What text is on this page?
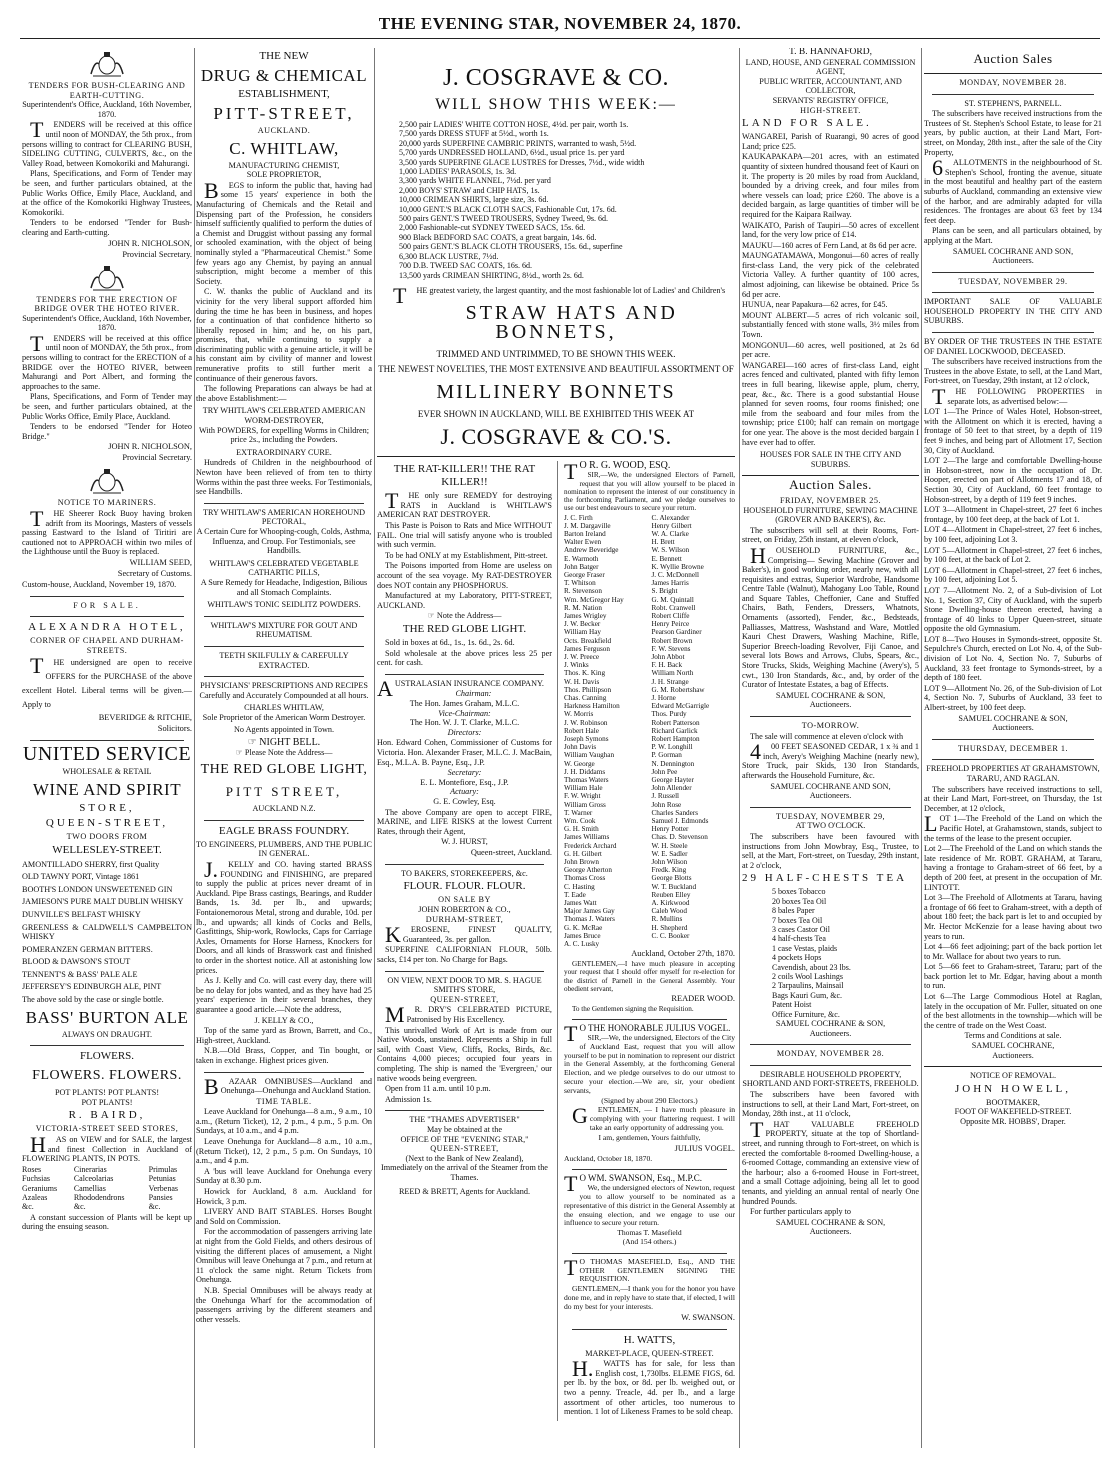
THE EVENING STAR, NOVEMBER 24, 1870.
TENDERS FOR BUSH-CLEARING AND EARTH-CUTTING.
Superintendent's Office, Auckland, 16th November, 1870.

TENDERS will be received at this office until noon of MONDAY, the 5th prox., from persons willing to contract for CLEARING BUSH, SIDELING CUTTING, CULVERTS, &c., on the Valley Road, between Komokoriki and Mahurangi.

Plans, Specifications, and Form of Tender may be seen, and further particulars obtained, at the Public Works Office, Emily Place, Auckland, and at the office of the Komokoriki Highway Trustees, Komokoriki.

Tenders to be endorsed "Tender for Bush-clearing and Earth-cutting.

JOHN R. NICHOLSON,
Provincial Secretary.
TENDERS FOR THE ERECTION OF BRIDGE OVER THE HOTEO RIVER.
Superintendent's Office, Auckland, 16th November, 1870.

TENDERS will be received at this office until noon of MONDAY, the 5th prox., from persons willing to contract for the ERECTION of a BRIDGE over the HOTEO RIVER, between Mahurangi and Port Albert, and forming the approaches to the same.

Plans, Specifications, and Form of Tender may be seen, and further particulars obtained, at the Public Works Office, Emily Place, Auckland.

Tenders to be endorsed "Tender for Hoteo Bridge."

JOHN R. NICHOLSON,
Provincial Secretary.
NOTICE TO MARINERS.

THE Sheerer Rock Buoy having broken adrift from its Moorings, Masters of vessels passing Eastward to the Island of Tiritiri are cautioned not to APPROACH within two miles of the Lighthouse until the Buoy is replaced.

WILLIAM SEED,
Secretary of Customs.

Custom-house, Auckland, November 19, 1870.

FOR SALE.
ALEXANDRA HOTEL,
CORNER OF CHAPEL AND DURHAM-STREETS.

THE undersigned are open to receive OFFERS for the PURCHASE of the above excellent Hotel. Liberal terms will be given.—Apply to

BEVERIDGE & RITCHIE,
Solicitors.
UNITED SERVICE
WHOLESALE & RETAIL
WINE AND SPIRIT
STORE,
QUEEN-STREET,
TWO DOORS FROM
WELLESLEY-STREET.
AMONTILLADO SHERRY, first Quality
OLD TAWNY PORT, Vintage 1861
BOOTH'S LONDON UNSWEETENED GIN
JAMIESON'S PURE MALT DUBLIN WHISKY
DUNVILLE'S BELFAST WHISKY
GREENLESS & CALDWELL'S CAMPBELTON WHISKY
POMERANZEN GERMAN BITTERS.
BLOOD & DAWSON'S STOUT
TENNENT'S & BASS' PALE ALE
JEFFERSEY'S EDINBURGH ALE, PINT
The above sold by the case or single bottle.
BASS' BURTON ALE
ALWAYS ON DRAUGHT.
FLOWERS.
FLOWERS. FLOWERS.
POT PLANTS! POT PLANTS!
POT PLANTS!
R. BAIRD,
VICTORIA-STREET SEED STORES,

HAS on VIEW and for SALE, the largest and finest Collection in Auckland of FLOWERING PLANTS, IN POTS.

Roses	Cinerarias	Primulas
Fuchsias	Calceolarias	Petunias
Geraniums	Camellias	Verbenas
Azaleas	Rhododendrons	Pansies
&c.	&c.	&c.

A constant succession of Plants will be kept up during the ensuing season.

THE NEW
DRUG & CHEMICAL
ESTABLISHMENT,
PITT-STREET,
AUCKLAND.
C. WHITLAW,
MANUFACTURING CHEMIST,
SOLE PROPRIETOR,

BEGS to inform the public that, having had some 15 years' experience in both the Manufacturing of Chemicals and the Retail and Dispensing part of the Profession, he considers himself sufficiently qualified to perform the duties of a Chemist and Druggist without passing any formal or schooled examination, with the object of being nominally styled a "Pharmaceutical Chemist." Some few years ago any Chemist, by paying an annual subscription, might become a member of this Society.

C. W. thanks the public of Auckland and its vicinity for the very liberal support afforded him during the time he has been in business, and hopes for a continuation of that confidence hitherto so liberally reposed in him; and he, on his part, promises, that, while continuing to supply a discriminating public with a genuine article, it will be his constant aim by civility of manner and lowest remunerative profits to still further merit a continuance of their generous favors.

The following Preparations can always be had at the above Establishment:—

TRY WHITLAW'S CELEBRATED AMERICAN WORM-DESTROYER,
With POWDERS, for expelling Worms in Children; price 2s., including the Powders.
EXTRAORDINARY CURE.

Hundreds of Children in the neighbourhood of Newton have been relieved of from ten to thirty Worms within the past three weeks. For Testimonials, see Handbills.

TRY WHITLAW'S AMERICAN HOREHOUND PECTORAL,
A Certain Cure for Whooping-cough, Colds, Asthma, Influenza, and Croup. For Testimonials, see Handbills.
WHITLAW'S CELEBRATED VEGETABLE CATHARTIC PILLS,
A Sure Remedy for Headache, Indigestion, Bilious and all Stomach Complaints.
WHITLAW'S TONIC SEIDLITZ POWDERS.
WHITLAW'S MIXTURE FOR GOUT AND RHEUMATISM.
TEETH SKILFULLY & CAREFULLY EXTRACTED.
PHYSICIANS' PRESCRIPTIONS AND RECIPES
Carefully and Accurately Compounded at all hours.
CHARLES WHITLAW,
Sole Proprietor of the American Worm Destroyer.
No Agents appointed in Town.
☞ NIGHT BELL.
☞ Please Note the Address—
THE RED GLOBE LIGHT,
PITT STREET,
AUCKLAND N.Z.
EAGLE BRASS FOUNDRY.
TO ENGINEERS, PLUMBERS, AND THE PUBLIC IN GENERAL.

J.KELLY and CO. having started BRASS FOUNDING and FINISHING, are prepared to supply the public at prices never dreamt of in Auckland. Pipe Brass castings, Bearings, and Rudder Bands, 1s. 3d. per lb., and upwards; Fontaionemorous Metal, strong and durable, 10d. per lb., and upwards; all kinds of Cocks and Bells, Gasfittings, Ship-work, Rowlocks, Caps for Carriage Axles, Ornaments for Horse Harness, Knockers for Doors, and all kinds of Brasswork cast and finished to order in the shortest notice. All at astonishing low prices.

As J. Kelly and Co. will cast every day, there will be no delay for jobs wanted, and as they have had 25 years' experience in their several branches, they guarantee a good article.—Note the address,

J. KELLY & CO.,

Top of the same yard as Brown, Barrett, and Co., High-street, Auckland.

N.B.—Old Brass, Copper, and Tin bought, or taken in exchange. Highest prices given.

BAZAAR OMNIBUSES—Auckland and Onehunga—Onehunga and Auckland Station.

TIME TABLE.

Leave Auckland for Onehunga—8 a.m., 9 a.m., 10 a.m., (Return Ticket), 12, 2 p.m., 4 p.m., 5 p.m. On Sundays, at 10 a.m., and 4 p.m.

Leave Onehunga for Auckland—8 a.m., 10 a.m., (Return Ticket), 12, 2 p.m., 5 p.m. On Sundays, 10 a.m., and 4 p.m.

A 'bus will leave Auckland for Onehunga every Sunday at 8.30 p.m.

Howick for Auckland, 8 a.m. Auckland for Howick, 3 p.m.

LIVERY AND BAIT STABLES. Horses Bought and Sold on Commission.

For the accommodation of passengers arriving late at night from the Gold Fields, and others desirous of visiting the different places of amusement, a Night Omnibus will leave Onehunga at 7 p.m., and return at 11 o'clock the same night. Return Tickets from Onehunga.

N.B. Special Omnibuses will be always ready at the Onehunga Wharf for the accommodation of passengers arriving by the different steamers and other vessels.

J. COSGRAVE & CO.
WILL SHOW THIS WEEK:—
2,500 pair LADIES' WHITE COTTON HOSE, 4½d. per pair, worth 1s.
7,500 yards DRESS STUFF at 5½d., worth 1s.
20,000 yards SUPERFINE CAMBRIC PRINTS, warranted to wash, 5½d.
5,700 yards UNDRESSED HOLLAND, 6½d., usual price 1s. per yard
3,500 yards SUPERFINE GLACE LUSTRES for Dresses, 7½d., wide width
1,000 LADIES' PARASOLS, 1s. 3d.
3,300 yards WHITE FLANNEL, 7½d. per yard
2,000 BOYS' STRAW and CHIP HATS, 1s.
10,000 CRIMEAN SHIRTS, large size, 3s. 6d.
10,000 GENT.'S BLACK CLOTH SACS, Fashionable Cut, 17s. 6d.
500 pairs GENT.'S TWEED TROUSERS, Sydney Tweed, 9s. 6d.
2,000 Fashionable-cut SYDNEY TWEED SACS, 15s. 6d.
900 Black BEDFORD SAC COATS, a great bargain, 14s. 6d.
500 pairs GENT.'S BLACK CLOTH TROUSERS, 15s. 6d., superfine
6,300 BLACK LUSTRE, 7½d.
700 D.B. TWEED SAC COATS, 16s. 6d.
13,500 yards CRIMEAN SHIRTING, 8½d., worth 2s. 6d.

THE greatest variety, the largest quantity, and the most fashionable lot of Ladies' and Children's

STRAW HATS AND BONNETS,
TRIMMED AND UNTRIMMED, TO BE SHOWN THIS WEEK.
THE NEWEST NOVELTIES, THE MOST EXTENSIVE AND BEAUTIFUL ASSORTMENT OF
MILLINERY BONNETS
EVER SHOWN IN AUCKLAND, WILL BE EXHIBITED THIS WEEK AT
J. COSGRAVE & CO.'S.
THE RAT-KILLER!! THE RAT KILLER!!

THE only sure REMEDY for destroying RATS in Auckland is WHITLAW'S AMERICAN RAT DESTROYER.

This Paste is Poison to Rats and Mice WITHOUT FAIL. One trial will satisfy anyone who is troubled with such vermin.

To be had ONLY at my Establishment, Pitt-street.

The Poisons imported from Home are useless on account of the sea voyage. My RAT-DESTROYER does NOT contain any PHOSPHORUS.

Manufactured at my Laboratory, PITT-STREET, AUCKLAND.

☞ Note the Address—
THE RED GLOBE LIGHT.

Sold in boxes at 6d., 1s., 1s. 6d., 2s. 6d.

Sold wholesale at the above prices less 25 per cent. for cash.

AUSTRALASIAN INSURANCE COMPANY.

Chairman:
The Hon. James Graham, M.L.C.
Vice-Chairman:
The Hon. W. J. T. Clarke, M.L.C.
Directors:

Hon. Edward Cohen, Commissioner of Customs for Victoria. Hon. Alexander Fraser, M.L.C. J. MacBain, Esq., M.L.A. B. Payne, Esq., J.P.

Secretary:
E. L. Montefiore, Esq., J.P.
Actuary:
G. E. Cowley, Esq.

The above Company are open to accept FIRE, MARINE, and LIFE RISKS at the lowest Current Rates, through their Agent,

W. J. HURST,
Queen-street, Auckland.
TO BAKERS, STOREKEEPERS, &c.
FLOUR. FLOUR. FLOUR.
ON SALE BY
JOHN ROBERTON & CO.,
DURHAM-STREET,

KEROSENE, FINEST QUALITY, Guaranteed, 3s. per gallon.

SUPERFINE CALIFORNIAN FLOUR, 50lb. sacks, £14 per ton. No Charge for Bags.

ON VIEW, NEXT DOOR TO MR. S. HAGUE SMITH'S STORE,
QUEEN-STREET,

MR. DRY'S CELEBRATED PICTURE, Patronised by His Excellency.

This unrivalled Work of Art is made from our Native Woods, unstained. Represents a Ship in full sail, with Coast View, Cliffs, Rocks, Birds, &c. Contains 4,000 pieces; occupied four years in completing. The ship is named the 'Evergreen,' our native woods being evergreen.

Open from 11 a.m. until 10 p.m.

Admission 1s.

THE "THAMES ADVERTISER"
May be obtained at the
OFFICE OF THE "EVENING STAR,"
QUEEN-STREET,
(Next to the Bank of New Zealand),
Immediately on the arrival of the Steamer from the Thames.
REED & BRETT, Agents for Auckland.

TO R. G. WOOD, ESQ.

SIR,—We, the undersigned Electors of Parnell, request that you will allow yourself to be placed in nomination to represent the interest of our constituency in the forthcoming Parliament, and we pledge ourselves to use our best endeavours to secure your return.

J. C. Firth
J. M. Dargaville
Barton Ireland
Walter Ewen
Andrew Beveridge
E. Warmoth
John Batger
George Fraser
T. Whitson
R. Stevenson
Wm. McGregor Hay
R. M. Nation
James Wrigley
J. W. Becker
William Hay
Octs. Breakfield
James Ferguson
J. W. Preece
J. Winks
Thos. K. King
W. H. Davis
Thos. Phillipson
Chas. Canning
Harkness Hamilton
W. Morris
J. W. Robinson
Robert Hale
Joseph Symons
John Davis
William Vaughan
W. George
J. H. Diddams
Thomas Waters
William Hale
F. W. Wright
William Gross
T. Warner
Wm. Cook
G. H. Smith
James Williams
Frederick Archard
G. H. Gilbert
John Brown
George Atherton
Thomas Cross
C. Hasting
T. Eade
James Watt
Major James Gay
Thomas J. Waters
G. K. McRae
James Bruce
A. C. Lusky
C. Alexander
Henry Gilbert
W. A. Clarke
H. Brett
W. S. Wilson
E. Bennett
K. Wyllie Browne
J. C. McDonnell
James Harris
S. Bright
G. M. Quintall
Robt. Cranwell
Robert Cliffe
Henry Peirce
Pearson Gardiner
Robert Brown
F. W. Stevens
John Abbot
F. H. Back
William North
J. H. Strange
G. M. Robertshaw
J. Horne
Edward McGarrigle
Thos. Purdy
Robert Patterson
Richard Garlick
Robert Hampton
P. W. Longhill
P. Gorman
N. Dennington
John Pee
George Hayter
John Allender
J. Russell
John Rose
Charles Sanders
Samuel J. Edmonds
Henry Potter
Chas. D. Stevenson
W. H. Steele
W. E. Sadler
John Wilson
Fredk. King
George Blotts
W. T. Buckland
Reuben Elley
A. Kirkwood
Caleb Wood
R. Mullins
H. Shepherd
C. C. Booker
Auckland, October 27th, 1870.

GENTLEMEN,—I have much pleasure in accepting your request that I should offer myself for re-election for the district of Parnell in the General Assembly. Your obedient servant,

READER WOOD.

To the Gentlemen signing the Requisition.

TO THE HONORABLE JULIUS VOGEL.

SIR,—We, the undersigned, Electors of the City of Auckland East, request that you will allow yourself to be put in nomination to represent our district in the General Assembly, at the forthcoming General Election, and we pledge ourselves to do our utmost to secure your election.—We are, sir, your obedient servants,

(Signed by about 290 Electors.)

GENTLEMEN, — I have much pleasure in complying with your flattering request. I will take an early opportunity of addressing you.

I am, gentlemen, Yours faithfully,
JULIUS VOGEL.

Auckland, October 18, 1870.

TO WM. SWANSON, Esq., M.P.C.

We, the undersigned electors of Newton, request you to allow yourself to be nominated as a representative of this district in the General Assembly at the ensuing election, and we engage to use our influence to secure your return.

Thomas T. Masefield
(And 154 others.)

TO THOMAS MASEFIELD, Esq., AND THE OTHER GENTLEMEN SIGNING THE REQUISITION.

GENTLEMEN,—I thank you for the honor you have done me, and in reply have to state that, if elected, I will do my best for your interests.

W. SWANSON.
H. WATTS,
MARKET-PLACE, QUEEN-STREET.

H.WATTS has for sale, for less than English cost, 1,730lbs. ELEME FIGS, 6d. per lb. by the box, or 8d. per lb. weighed out, or two a penny. Treacle, 4d. per lb., and a large assortment of other articles, too numerous to mention. 1 lot of Likeness Frames to be sold cheap.

T. B. HANNAFORD,
LAND, HOUSE, AND GENERAL COMMISSION AGENT,
PUBLIC WRITER, ACCOUNTANT, AND COLLECTOR,
SERVANTS' REGISTRY OFFICE,
HIGH-STREET.
LAND FOR SALE.

WANGAREI, Parish of Ruarangi, 90 acres of good Land; price £25.

KAUKAPAKAPA—201 acres, with an estimated quantity of sixteen hundred thousand feet of Kauri on it. The property is 20 miles by road from Auckland, bounded by a driving creek, and four miles from where vessels can load; price £260. The above is a decided bargain, as large quantities of timber will be required for the Kaipara Railway.

WAIKATO, Parish of Taupiri—50 acres of excellent land, for the very low price of £14.

MAUKU—160 acres of Fern Land, at 8s 6d per acre.

MAUNGATAMAWA, Mongonui—60 acres of really first-class Land, the very pick of the celebrated Victoria Valley. A further quantity of 100 acres, almost adjoining, can likewise be obtained. Price 5s 6d per acre.

HUNUA, near Papakura—62 acres, for £45.

MOUNT ALBERT—5 acres of rich volcanic soil, substantially fenced with stone walls, 3½ miles from Town.

MONGONUI—60 acres, well positioned, at 2s 6d per acre.

WANGAREI—160 acres of first-class Land, eight acres fenced and cultivated, planted with fifty lemon trees in full bearing, likewise apple, plum, cherry, pear, &c., &c. There is a good substantial House planned for seven rooms, four rooms finished; one mile from the seaboard and four miles from the township; price £100; half can remain on mortgage for one year. The above is the most decided bargain I have ever had to offer.

HOUSES FOR SALE IN THE CITY AND SUBURBS.
Auction Sales.
FRIDAY, NOVEMBER 25.
HOUSEHOLD FURNITURE, SEWING MACHINE (GROVER AND BAKER'S), &c.

The subscribers will sell at their Rooms, Fort-street, on Friday, 25th instant, at eleven o'clock,

HOUSEHOLD FURNITURE, &c., Comprising— Sewing Machine (Grover and Baker's), in good working order, nearly new, with all requisites and extras, Superior Wardrobe, Handsome Centre Table (Walnut), Mahogany Loo Table, Round and Square Tables, Cheffonier, Cane and Stuffed Chairs, Bath, Fenders, Dressers, Whatnots, Ornaments (assorted), Fender, &c., Bedsteads, Palliasses, Mattress, Washstand and Ware, Mottled Kauri Chest Drawers, Washing Machine, Rifle, Superior Breech-loading Revolver, Fiji Canoe, and several lots Bows and Arrows, Clubs, Spears, &c., Store Trucks, Skids, Weighing Machine (Avery's), 5 cwt., 130 Iron Standards, &c., and, by order of the Curator of Intestate Estates, a bag of Effects.

SAMUEL COCHRANE & SON,
Auctioneers.
TO-MORROW.

The sale will commence at eleven o'clock with

400 FEET SEASONED CEDAR, 1 x ¾ and 1 inch, Avery's Weighing Machine (nearly new), Store Truck, pair Skids, 130 Iron Standards, afterwards the Household Furniture, &c.

SAMUEL COCHRANE AND SON,
Auctioneers.
TUESDAY, NOVEMBER 29,
AT TWO O'CLOCK.

The subscribers have been favoured with instructions from John Mowbray, Esq., Trustee, to sell, at the Mart, Fort-street, on Tuesday, 29th instant, at 2 o'clock,

29 HALF-CHESTS TEA
5 boxes Tobacco
20 boxes Tea Oil
8 bales Paper
7 boxes Tea Oil
3 cases Castor Oil
4 half-chests Tea
1 case Vestas, plaids
4 pockets Hops
Cavendish, about 23 lbs.
2 coils Wool Lashings
2 Tarpaulins, Mainsail
Bags Kauri Gum, &c.
Patent Hoist
Office Furniture, &c.
SAMUEL COCHRANE & SON,
Auctioneers.
MONDAY, NOVEMBER 28.
DESIRABLE HOUSEHOLD PROPERTY, SHORTLAND AND FORT-STREETS, FREEHOLD.

The subscribers have been favored with instructions to sell, at their Land Mart, Fort-street, on Monday, 28th inst., at 11 o'clock,

THAT VALUABLE FREEHOLD PROPERTY, situate at the top of Shortland-street, and running through to Fort-street, on which is erected the comfortable 8-roomed Dwelling-house, a 6-roomed Cottage, commanding an extensive view of the harbour; also a 6-roomed House in Fort-street, and a small Cottage adjoining, being all let to good tenants, and yielding an annual rental of nearly One hundred Pounds.

For further particulars apply to

SAMUEL COCHRANE & SON,
Auctioneers.
Auction Sales
MONDAY, NOVEMBER 28.
ST. STEPHEN'S, PARNELL.

The subscribers have received instructions from the Trustees of St. Stephen's School Estate, to lease for 21 years, by public auction, at their Land Mart, Fort-street, on Monday, 28th inst., after the sale of the City Property,

6ALLOTMENTS in the neighbourhood of St. Stephen's School, fronting the avenue, situate in the most beautiful and healthy part of the eastern suburbs of Auckland, commanding an extensive view of the harbor, and are admirably adapted for villa residences. The frontages are about 63 feet by 134 feet deep.

Plans can be seen, and all particulars obtained, by applying at the Mart.

SAMUEL COCHRANE AND SON,
Auctioneers.
TUESDAY, NOVEMBER 29.
IMPORTANT SALE OF VALUABLE HOUSEHOLD PROPERTY IN THE CITY AND SUBURBS.
BY ORDER OF THE TRUSTEES IN THE ESTATE OF DANIEL LOCKWOOD, DECEASED.

The subscribers have received instructions from the Trustees in the above Estate, to sell, at the Land Mart, Fort-street, on Tuesday, 29th instant, at 12 o'clock,

THE FOLLOWING PROPERTIES in separate lots, as advertised below:—

LOT 1—The Prince of Wales Hotel, Hobson-street, with the Allotment on which it is erected, having a frontage of 50 feet to that street, by a depth of 119 feet 9 inches, and being part of Allotment 17, Section 30, City of Auckland.

LOT 2—The large and comfortable Dwelling-house in Hobson-street, now in the occupation of Dr. Hooper, erected on part of Allotments 17 and 18, of Section 30, City of Auckland, 60 feet frontage to Hobson-street, by a depth of 119 feet 9 inches.

LOT 3—Allotment in Chapel-street, 27 feet 6 inches frontage, by 100 feet deep, at the back of Lot 1.

LOT 4—Allotment in Chapel-street, 27 feet 6 inches, by 100 feet, adjoining Lot 3.

LOT 5—Allotment in Chapel-street, 27 feet 6 inches, by 100 feet, at the back of Lot 2.

LOT 6—Allotment in Chapel-street, 27 feet 6 inches, by 100 feet, adjoining Lot 5.

LOT 7—Allotment No. 2, of a Sub-division of Lot No. 1, Section 37, City of Auckland, with the superb Stone Dwelling-house thereon erected, having a frontage of 40 links to Upper Queen-street, situate opposite the old Gymnasium.

LOT 8—Two Houses in Symonds-street, opposite St. Sepulchre's Church, erected on Lot No. 4, of the Sub-division of Lot No. 4, Section No. 7, Suburbs of Auckland, 33 feet frontage to Symonds-street, by a depth of 180 feet.

LOT 9—Allotment No. 26, of the Sub-division of Lot 4, Section No. 7, Suburbs of Auckland, 33 feet to Albert-street, by 100 feet deep.

SAMUEL COCHRANE & SON,
Auctioneers.
THURSDAY, DECEMBER 1.
FREEHOLD PROPERTIES AT GRAHAMSTOWN, TARARU, AND RAGLAN.

The subscribers have received instructions to sell, at their Land Mart, Fort-street, on Thursday, the 1st December, at 12 o'clock,

LOT 1—The Freehold of the Land on which the Pacific Hotel, at Grahamstown, stands, subject to the terms of the lease to the present occupier.

Lot 2—The Freehold of the Land on which stands the late residence of Mr. ROBT. GRAHAM, at Tararu, having a frontage to Graham-street of 66 feet, by a depth of 200 feet, at present in the occupation of Mr. LINTOTT.

Lot 3—The Freehold of Allotments at Tararu, having a frontage of 66 feet to Graham-street, with a depth of about 180 feet; the back part is let to and occupied by Mr. Hector McKenzie for a lease having about two years to run.

Lot 4—66 feet adjoining; part of the back portion let to Mr. Wallace for about two years to run.

Lot 5—66 feet to Graham-street, Tararu; part of the back portion let to Mr. Edgar, having about a month to run.

Lot 6—The Large Commodious Hotel at Raglan, lately in the occupation of Mr. Fuller, situated on one of the best allotments in the township—which will be the centre of trade on the West Coast.

Terms and Conditions at sale.
SAMUEL COCHRANE,
Auctioneers.
NOTICE OF REMOVAL.
JOHN HOWELL,
BOOTMAKER,
FOOT OF WAKEFIELD-STREET.
Opposite MR. HOBBS', Draper.
